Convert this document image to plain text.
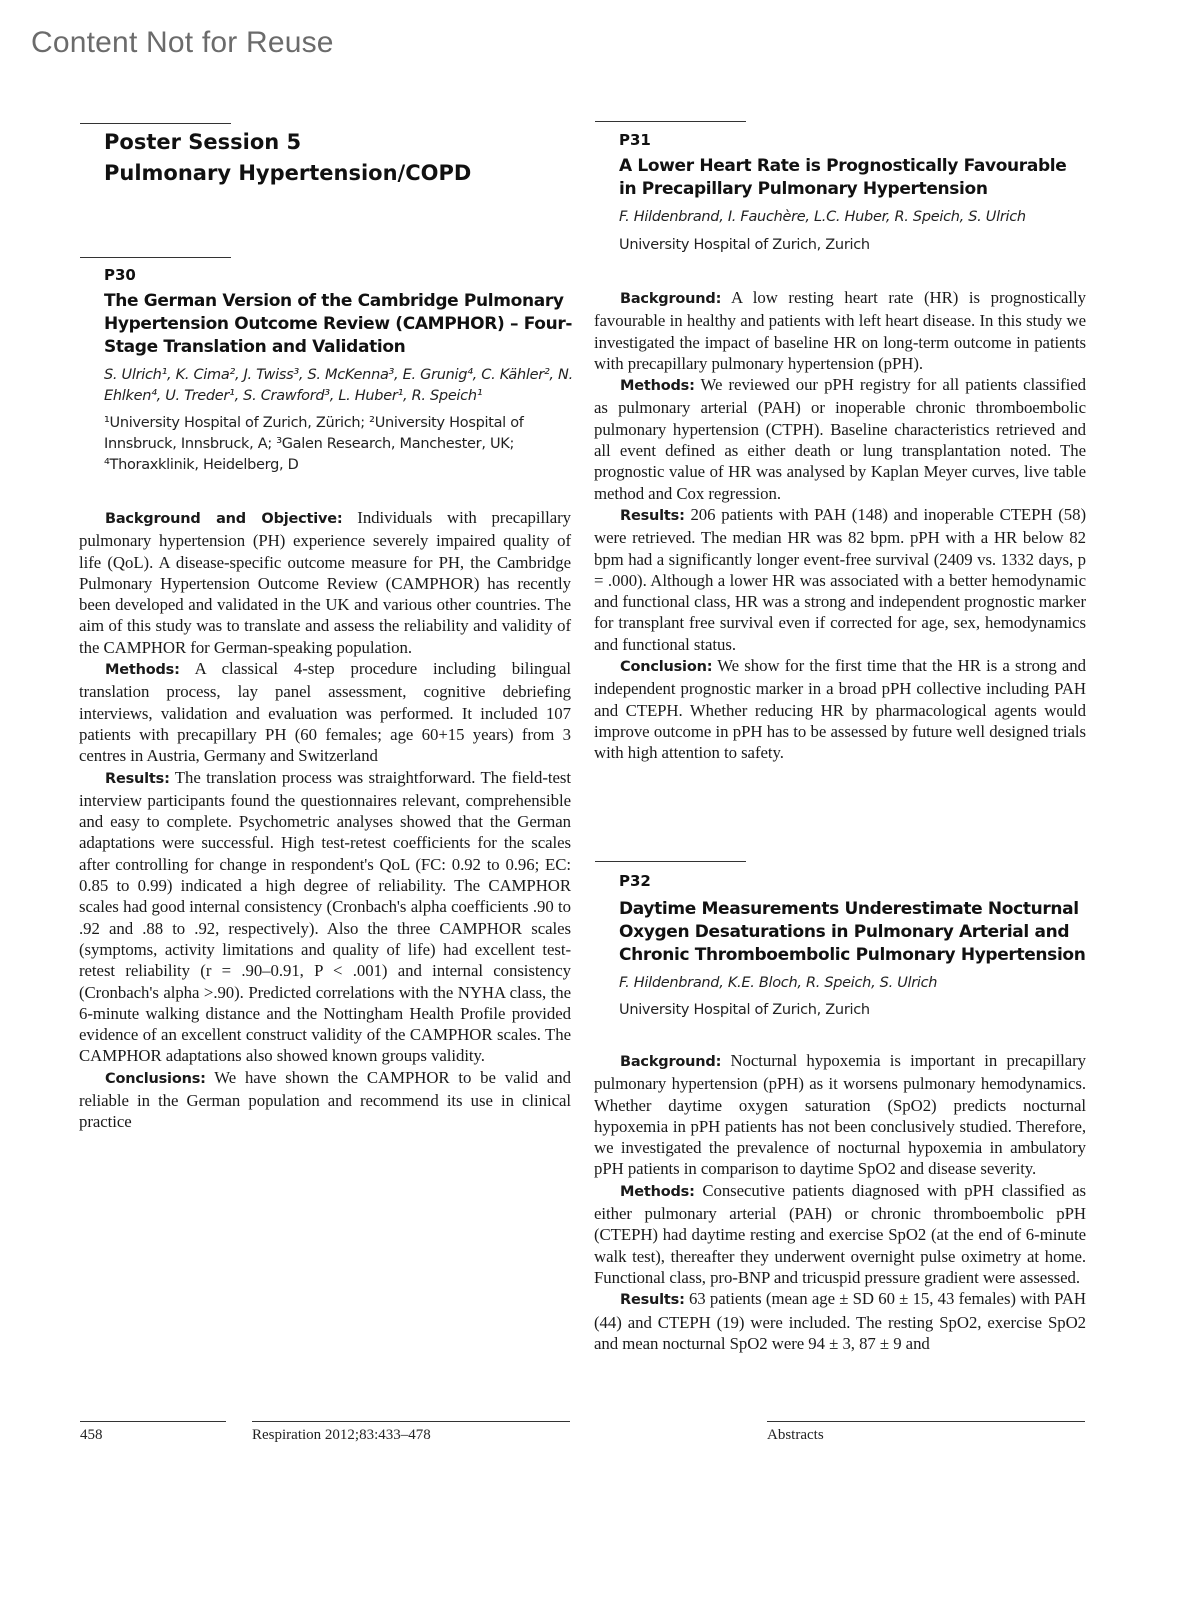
Content Not for Reuse
Poster Session 5
Pulmonary Hypertension/COPD
P30
The German Version of the Cambridge Pulmonary Hypertension Outcome Review (CAMPHOR) – Four-Stage Translation and Validation
S. Ulrich¹, K. Cima², J. Twiss³, S. McKenna³, E. Grunig⁴, C. Kähler², N. Ehlken⁴, U. Treder¹, S. Crawford³, L. Huber¹, R. Speich¹
¹University Hospital of Zurich, Zürich; ²University Hospital of Innsbruck, Innsbruck, A; ³Galen Research, Manchester, UK; ⁴Thoraxklinik, Heidelberg, D

Background and Objective: Individuals with precapillary pulmonary hypertension (PH) experience severely impaired quality of life (QoL). A disease-specific outcome measure for PH, the Cambridge Pulmonary Hypertension Outcome Review (CAMPHOR) has recently been developed and validated in the UK and various other countries. The aim of this study was to translate and assess the reliability and validity of the CAMPHOR for German-speaking population.

Methods: A classical 4-step procedure including bilingual translation process, lay panel assessment, cognitive debriefing interviews, validation and evaluation was performed. It included 107 patients with precapillary PH (60 females; age 60+15 years) from 3 centres in Austria, Germany and Switzerland

Results: The translation process was straightforward. The field-test interview participants found the questionnaires relevant, comprehensible and easy to complete. Psychometric analyses showed that the German adaptations were successful. High test-retest coefficients for the scales after controlling for change in respondent's QoL (FC: 0.92 to 0.96; EC: 0.85 to 0.99) indicated a high degree of reliability. The CAMPHOR scales had good internal consistency (Cronbach's alpha coefficients .90 to .92 and .88 to .92, respectively). Also the three CAMPHOR scales (symptoms, activity limitations and quality of life) had excellent test-retest reliability (r = .90–0.91, P < .001) and internal consistency (Cronbach's alpha >.90). Predicted correlations with the NYHA class, the 6-minute walking distance and the Nottingham Health Profile provided evidence of an excellent construct validity of the CAMPHOR scales. The CAMPHOR adaptations also showed known groups validity.

Conclusions: We have shown the CAMPHOR to be valid and reliable in the German population and recommend its use in clinical practice

P31
A Lower Heart Rate is Prognostically Favourable in Precapillary Pulmonary Hypertension
F. Hildenbrand, I. Fauchère, L.C. Huber, R. Speich, S. Ulrich
University Hospital of Zurich, Zurich

Background: A low resting heart rate (HR) is prognostically favourable in healthy and patients with left heart disease. In this study we investigated the impact of baseline HR on long-term outcome in patients with precapillary pulmonary hypertension (pPH).

Methods: We reviewed our pPH registry for all patients classified as pulmonary arterial (PAH) or inoperable chronic thromboembolic pulmonary hypertension (CTPH). Baseline characteristics retrieved and all event defined as either death or lung transplantation noted. The prognostic value of HR was analysed by Kaplan Meyer curves, live table method and Cox regression.

Results: 206 patients with PAH (148) and inoperable CTEPH (58) were retrieved. The median HR was 82 bpm. pPH with a HR below 82 bpm had a significantly longer event-free survival (2409 vs. 1332 days, p = .000). Although a lower HR was associated with a better hemodynamic and functional class, HR was a strong and independent prognostic marker for transplant free survival even if corrected for age, sex, hemodynamics and functional status.

Conclusion: We show for the first time that the HR is a strong and independent prognostic marker in a broad pPH collective including PAH and CTEPH. Whether reducing HR by pharmacological agents would improve outcome in pPH has to be assessed by future well designed trials with high attention to safety.

P32
Daytime Measurements Underestimate Nocturnal Oxygen Desaturations in Pulmonary Arterial and Chronic Thromboembolic Pulmonary Hypertension
F. Hildenbrand, K.E. Bloch, R. Speich, S. Ulrich
University Hospital of Zurich, Zurich

Background: Nocturnal hypoxemia is important in precapillary pulmonary hypertension (pPH) as it worsens pulmonary hemodynamics. Whether daytime oxygen saturation (SpO2) predicts nocturnal hypoxemia in pPH patients has not been conclusively studied. Therefore, we investigated the prevalence of nocturnal hypoxemia in ambulatory pPH patients in comparison to daytime SpO2 and disease severity.

Methods: Consecutive patients diagnosed with pPH classified as either pulmonary arterial (PAH) or chronic thromboembolic pPH (CTEPH) had daytime resting and exercise SpO2 (at the end of 6-minute walk test), thereafter they underwent overnight pulse oximetry at home. Functional class, pro-BNP and tricuspid pressure gradient were assessed.

Results: 63 patients (mean age ± SD 60 ± 15, 43 females) with PAH (44) and CTEPH (19) were included. The resting SpO2, exercise SpO2 and mean nocturnal SpO2 were 94 ± 3, 87 ± 9 and

458	Respiration 2012;83:433–478	Abstracts
